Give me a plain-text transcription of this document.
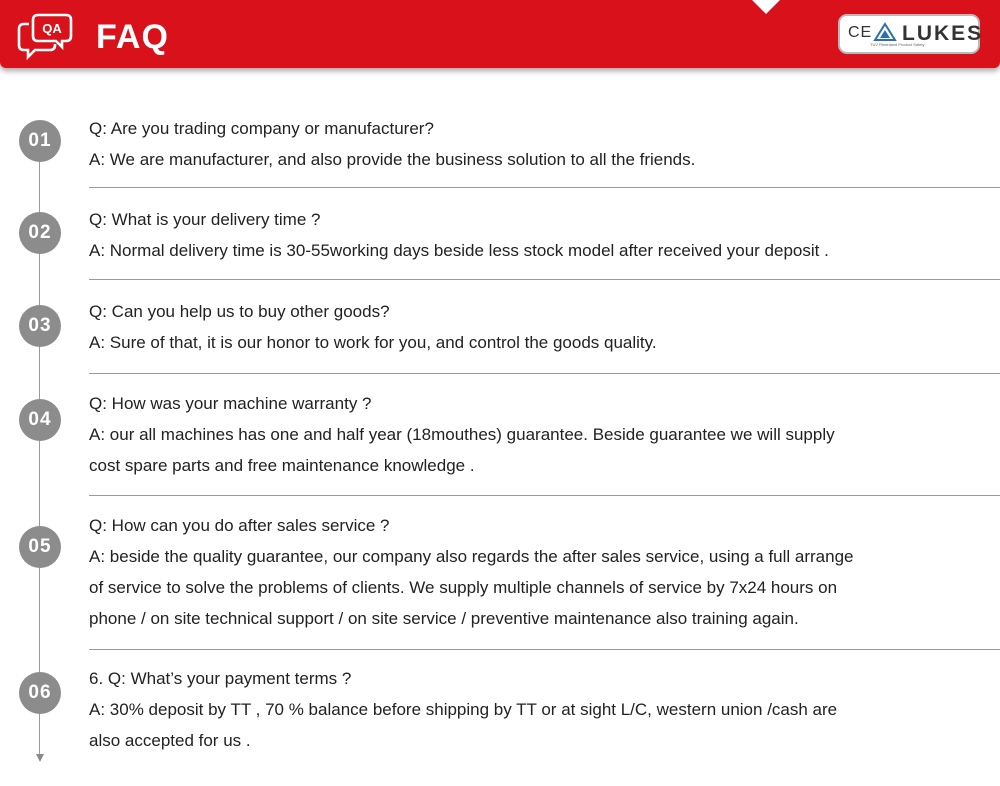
QA FAQ	CE
TUV Rheinland Product Safety
LUKES
01
Q: Are you trading company or manufacturer?
A: We are manufacturer, and also provide the business solution to all the friends.
02
Q: What is your delivery time ?
A: Normal delivery time is 30-55working days beside less stock model after received your deposit .
03
Q: Can you help us to buy other goods?
A: Sure of that, it is our honor to work for you, and control the goods quality.
04
Q: How was your machine warranty ?
A: our all machines has one and half year (18mouthes) guarantee. Beside guarantee we will supply
cost spare parts and free maintenance knowledge .
05
Q: How can you do after sales service ?
A: beside the quality guarantee, our company also regards the after sales service, using a full arrange
of service to solve the problems of clients. We supply multiple channels of service by 7x24 hours on
phone / on site technical support / on site service / preventive maintenance also training again.
06
6. Q: What’s your payment terms ?
A: 30% deposit by TT , 70 % balance before shipping by TT or at sight L/C, western union /cash are
also accepted for us .
